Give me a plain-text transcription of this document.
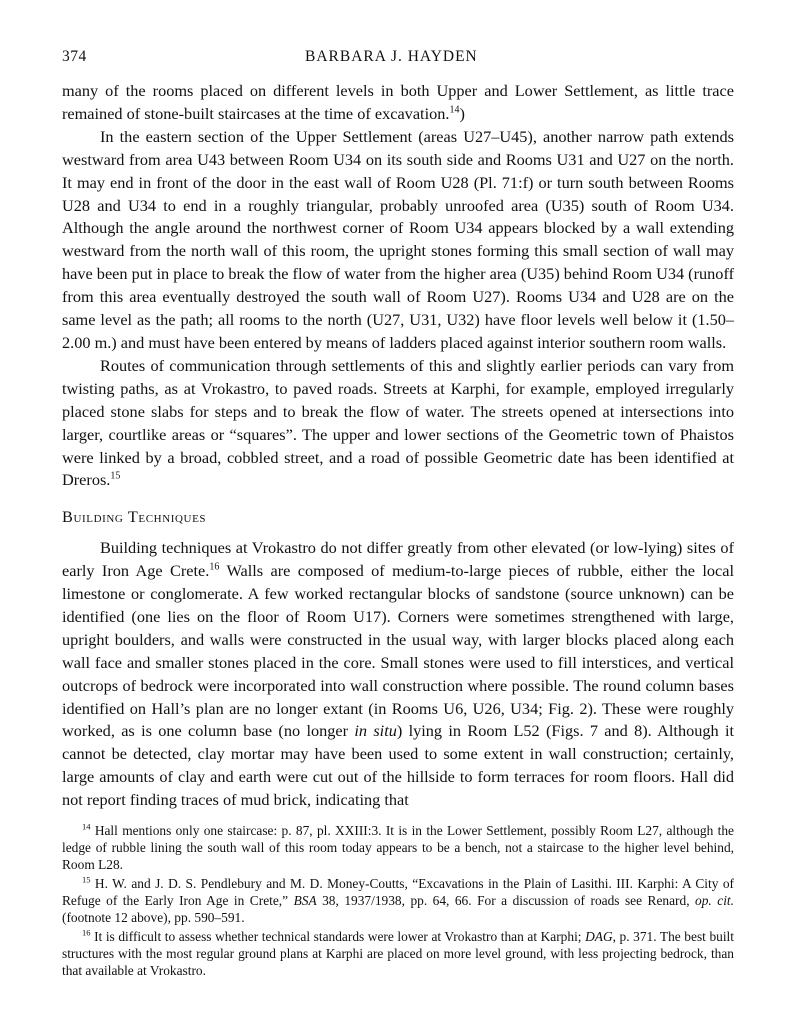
374	BARBARA J. HAYDEN

many of the rooms placed on different levels in both Upper and Lower Settlement, as little trace remained of stone-built staircases at the time of excavation.$^{14}$)

In the eastern section of the Upper Settlement (areas U27–U45), another narrow path extends westward from area U43 between Room U34 on its south side and Rooms U31 and U27 on the north. It may end in front of the door in the east wall of Room U28 (Pl. 71:f) or turn south between Rooms U28 and U34 to end in a roughly triangular, probably unroofed area (U35) south of Room U34. Although the angle around the northwest corner of Room U34 appears blocked by a wall extending westward from the north wall of this room, the upright stones forming this small section of wall may have been put in place to break the flow of water from the higher area (U35) behind Room U34 (runoff from this area eventually destroyed the south wall of Room U27). Rooms U34 and U28 are on the same level as the path; all rooms to the north (U27, U31, U32) have floor levels well below it (1.50–2.00 m.) and must have been entered by means of ladders placed against interior southern room walls.

Routes of communication through settlements of this and slightly earlier periods can vary from twisting paths, as at Vrokastro, to paved roads. Streets at Karphi, for example, employed irregularly placed stone slabs for steps and to break the flow of water. The streets opened at intersections into larger, courtlike areas or “squares”. The upper and lower sections of the Geometric town of Phaistos were linked by a broad, cobbled street, and a road of possible Geometric date has been identified at Dreros.$^{15}$

Building Techniques

Building techniques at Vrokastro do not differ greatly from other elevated (or low-lying) sites of early Iron Age Crete.$^{16}$ Walls are composed of medium-to-large pieces of rubble, either the local limestone or conglomerate. A few worked rectangular blocks of sandstone (source unknown) can be identified (one lies on the floor of Room U17). Corners were sometimes strengthened with large, upright boulders, and walls were constructed in the usual way, with larger blocks placed along each wall face and smaller stones placed in the core. Small stones were used to fill interstices, and vertical outcrops of bedrock were incorporated into wall construction where possible. The round column bases identified on Hall’s plan are no longer extant (in Rooms U6, U26, U34; Fig. 2). These were roughly worked, as is one column base (no longer in situ) lying in Room L52 (Figs. 7 and 8). Although it cannot be detected, clay mortar may have been used to some extent in wall construction; certainly, large amounts of clay and earth were cut out of the hillside to form terraces for room floors. Hall did not report finding traces of mud brick, indicating that

$^{14}$ Hall mentions only one staircase: p. 87, pl. XXIII:3. It is in the Lower Settlement, possibly Room L27, although the ledge of rubble lining the south wall of this room today appears to be a bench, not a staircase to the higher level behind, Room L28.

$^{15}$ H. W. and J. D. S. Pendlebury and M. D. Money-Coutts, “Excavations in the Plain of Lasithi. III. Karphi: A City of Refuge of the Early Iron Age in Crete,” BSA 38, 1937/1938, pp. 64, 66. For a discussion of roads see Renard, op. cit. (footnote 12 above), pp. 590–591.

$^{16}$ It is difficult to assess whether technical standards were lower at Vrokastro than at Karphi; DAG, p. 371. The best built structures with the most regular ground plans at Karphi are placed on more level ground, with less projecting bedrock, than that available at Vrokastro.
